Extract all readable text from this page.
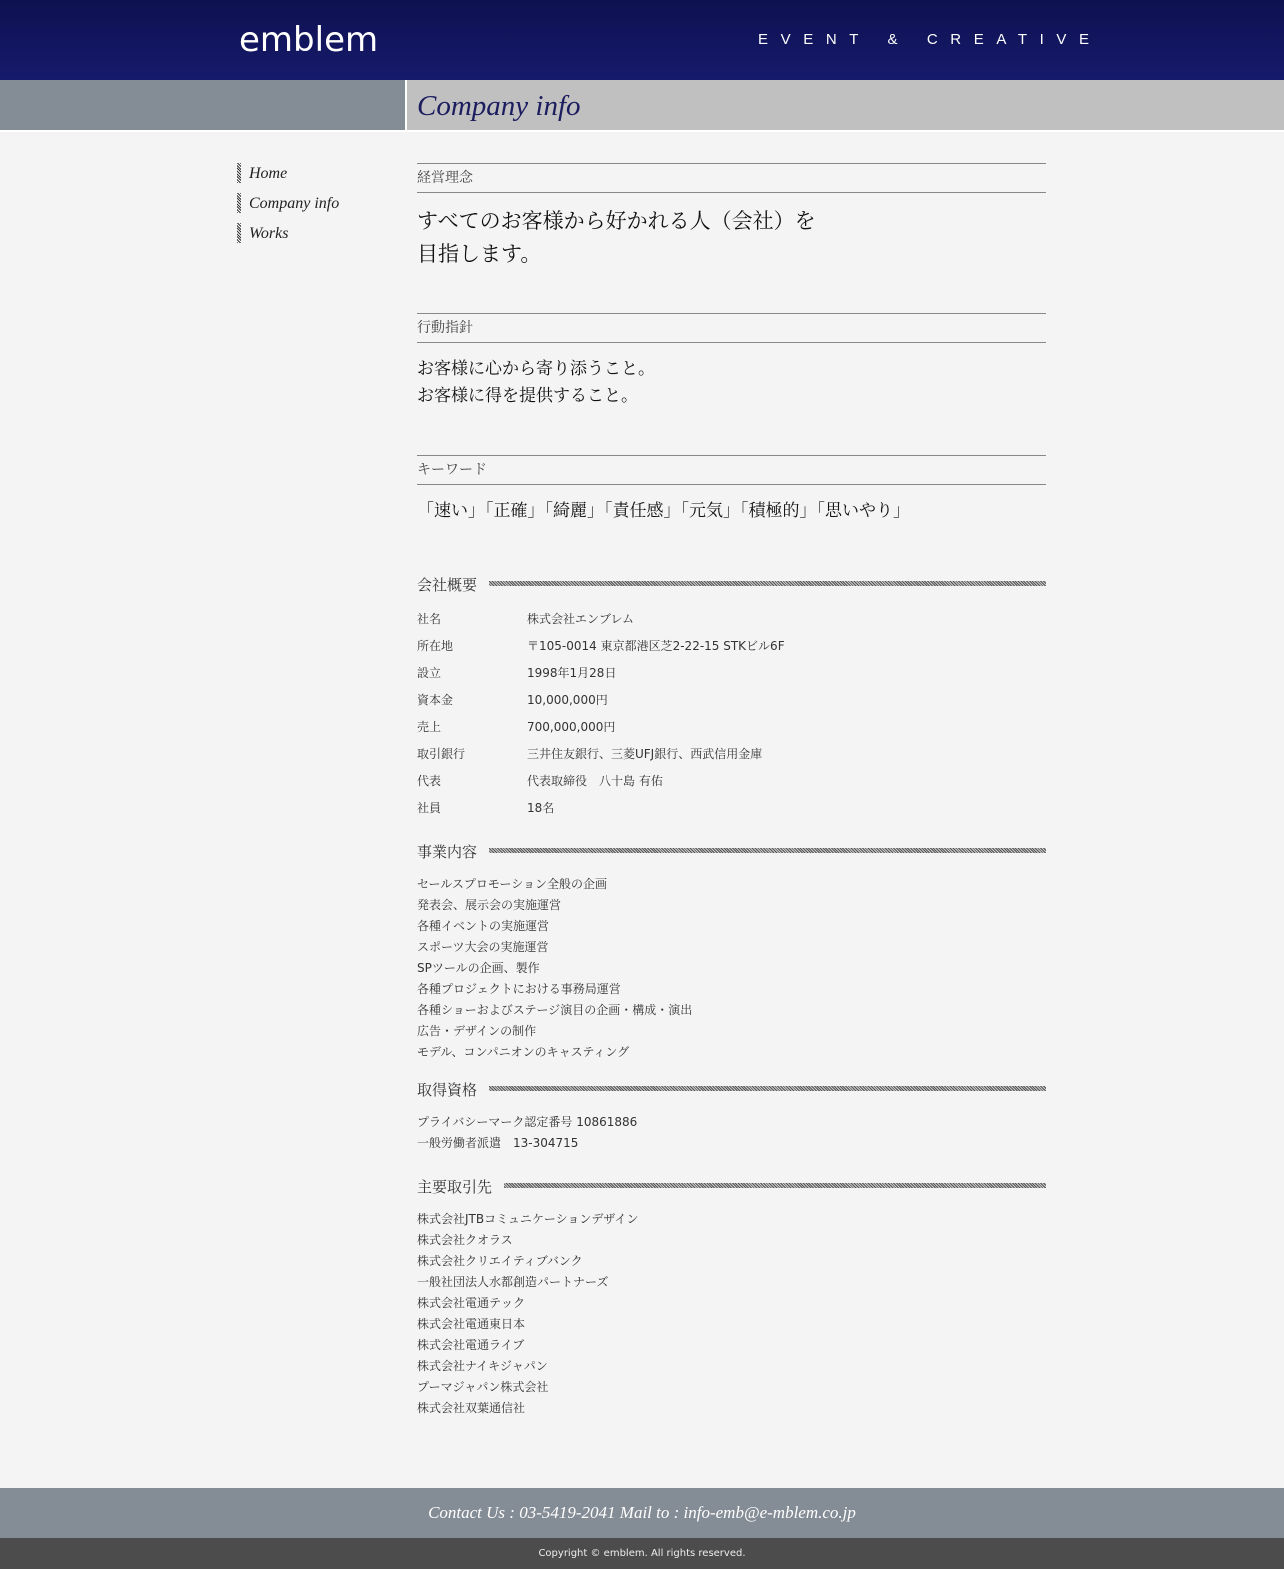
emblem	EVENT & CREATIVE
Company info
Home
Company info
Works
経営理念
すべてのお客様から好かれる人（会社）を
目指します。
行動指針
お客様に心から寄り添うこと。
お客様に得を提供すること。
キーワード
「速い」「正確」「綺麗」「責任感」「元気」「積極的」「思いやり」
会社概要
社名	株式会社エンブレム
所在地	〒105-0014 東京都港区芝2-22-15 STKビル6F
設立	1998年1月28日
資本金	10,000,000円
売上	700,000,000円
取引銀行	三井住友銀行、三菱UFJ銀行、西武信用金庫
代表	代表取締役　八十島 有佑
社員	18名
事業内容
セールスプロモーション全般の企画
発表会、展示会の実施運営
各種イベントの実施運営
スポーツ大会の実施運営
SPツールの企画、製作
各種プロジェクトにおける事務局運営
各種ショーおよびステージ演目の企画・構成・演出
広告・デザインの制作
モデル、コンパニオンのキャスティング
取得資格
プライバシーマーク認定番号 10861886
一般労働者派遣　13-304715
主要取引先
株式会社JTBコミュニケーションデザイン
株式会社クオラス
株式会社クリエイティブバンク
一般社団法人水都創造パートナーズ
株式会社電通テック
株式会社電通東日本
株式会社電通ライブ
株式会社ナイキジャパン
プーマジャパン株式会社
株式会社双葉通信社
Contact Us : 03-5419-2041 Mail to : info-emb@e-mblem.co.jp
Copyright © emblem. All rights reserved.
